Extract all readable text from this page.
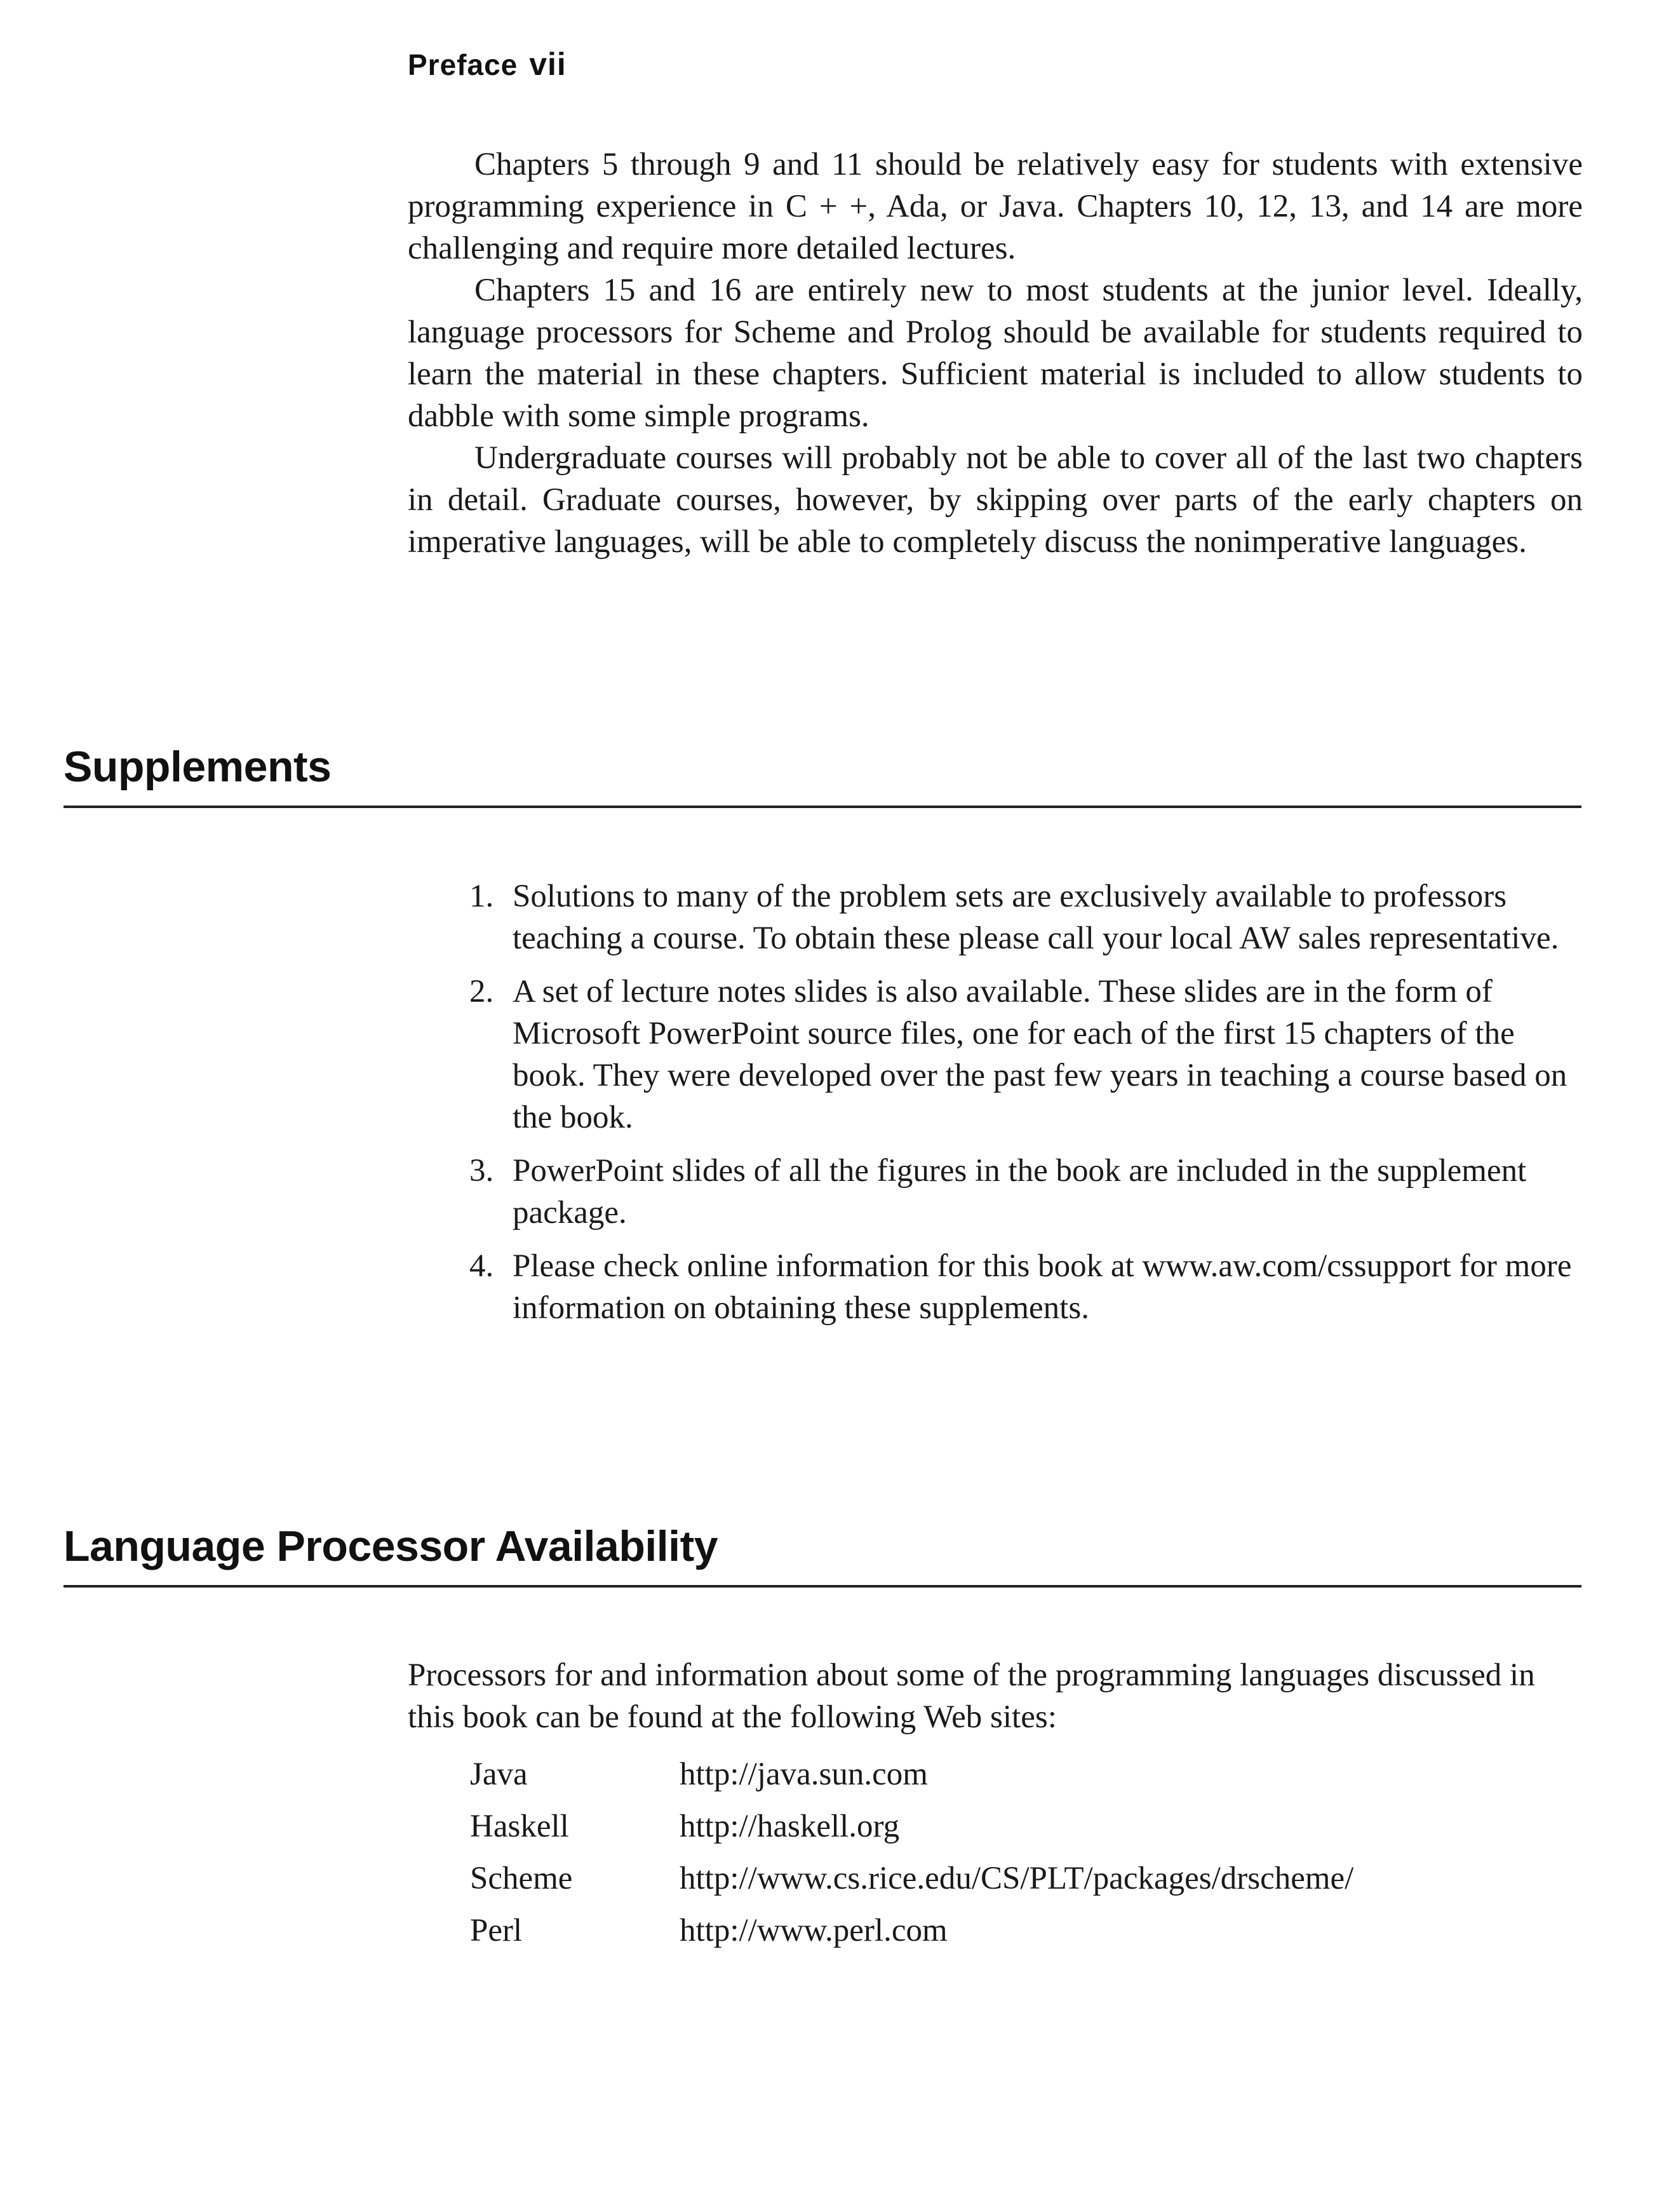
Preface vii

Chapters 5 through 9 and 11 should be relatively easy for students with extensive programming experience in C + +, Ada, or Java. Chapters 10, 12, 13, and 14 are more challenging and require more detailed lectures.

Chapters 15 and 16 are entirely new to most students at the junior level. Ideally, language processors for Scheme and Prolog should be available for students required to learn the material in these chapters. Sufficient material is included to allow students to dabble with some simple programs.

Undergraduate courses will probably not be able to cover all of the last two chapters in detail. Graduate courses, however, by skipping over parts of the early chapters on imperative languages, will be able to completely discuss the nonimperative languages.

Supplements
1. Solutions to many of the problem sets are exclusively available to professors teaching a course. To obtain these please call your local AW sales representative.
2. A set of lecture notes slides is also available. These slides are in the form of Microsoft PowerPoint source files, one for each of the first 15 chapters of the book. They were developed over the past few years in teaching a course based on the book.
3. PowerPoint slides of all the figures in the book are included in the supplement package.
4. Please check online information for this book at www.aw.com/cssupport for more information on obtaining these supplements.
Language Processor Availability

Processors for and information about some of the programming languages discussed in this book can be found at the following Web sites:

Java	http://java.sun.com
Haskell	http://haskell.org
Scheme	http://www.cs.rice.edu/CS/PLT/packages/drscheme/
Perl	http://www.perl.com
